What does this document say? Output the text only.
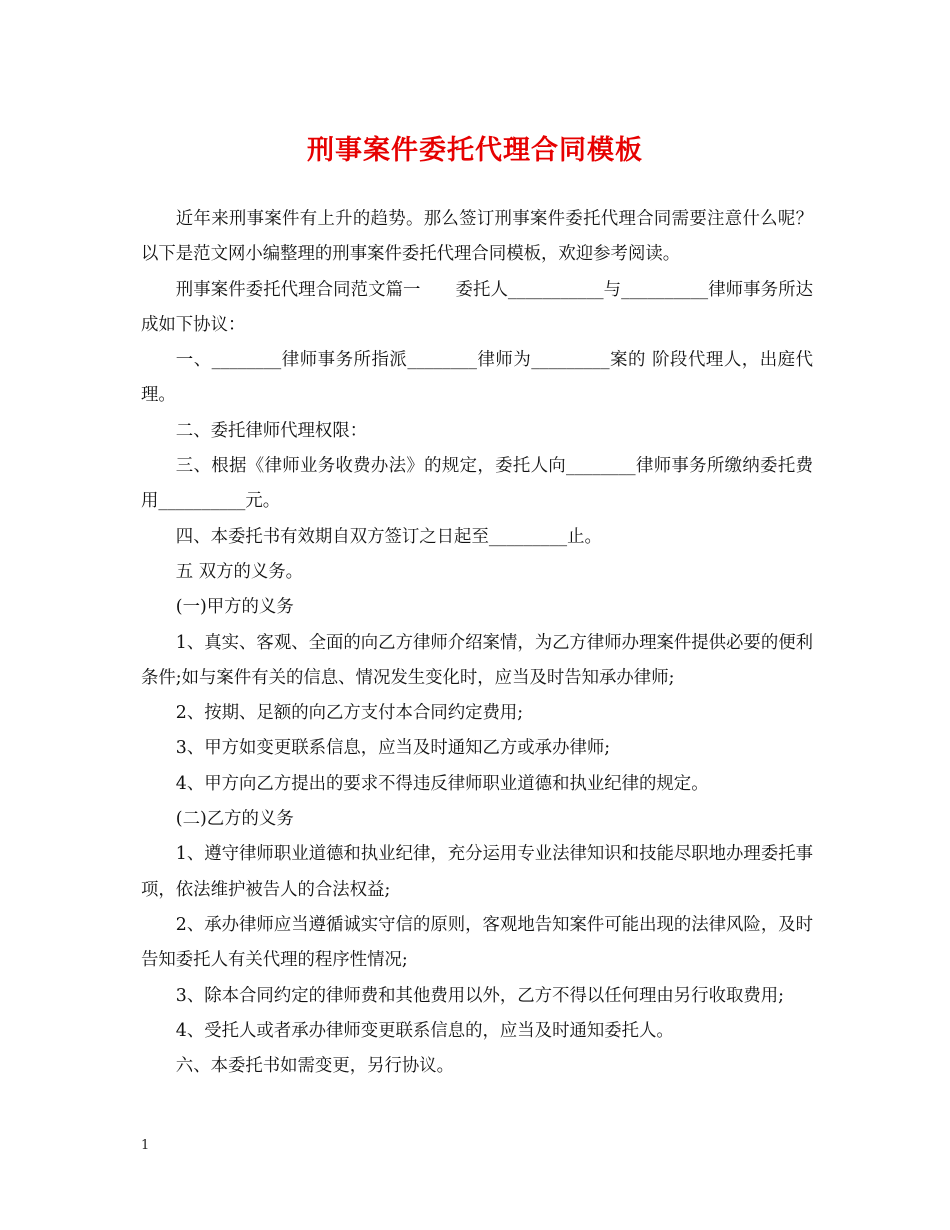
刑事案件委托代理合同模板

近年来刑事案件有上升的趋势。那么签订刑事案件委托代理合同需要注意什么呢？以下是范文网小编整理的刑事案件委托代理合同模板，欢迎参考阅读。

刑事案件委托代理合同范文篇一　　委托人___________与__________律师事务所达成如下协议：

一、________律师事务所指派________律师为_________案的 阶段代理人，出庭代理。

二、委托律师代理权限：

三、根据《律师业务收费办法》的规定，委托人向________律师事务所缴纳委托费用__________元。

四、本委托书有效期自双方签订之日起至_________止。

五 双方的义务。

(一)甲方的义务

1、真实、客观、全面的向乙方律师介绍案情，为乙方律师办理案件提供必要的便利条件;如与案件有关的信息、情况发生变化时，应当及时告知承办律师;

2、按期、足额的向乙方支付本合同约定费用;

3、甲方如变更联系信息，应当及时通知乙方或承办律师;

4、甲方向乙方提出的要求不得违反律师职业道德和执业纪律的规定。

(二)乙方的义务

1、遵守律师职业道德和执业纪律，充分运用专业法律知识和技能尽职地办理委托事项，依法维护被告人的合法权益;

2、承办律师应当遵循诚实守信的原则，客观地告知案件可能出现的法律风险，及时告知委托人有关代理的程序性情况;

3、除本合同约定的律师费和其他费用以外，乙方不得以任何理由另行收取费用;

4、受托人或者承办律师变更联系信息的，应当及时通知委托人。

六、本委托书如需变更，另行协议。

1
